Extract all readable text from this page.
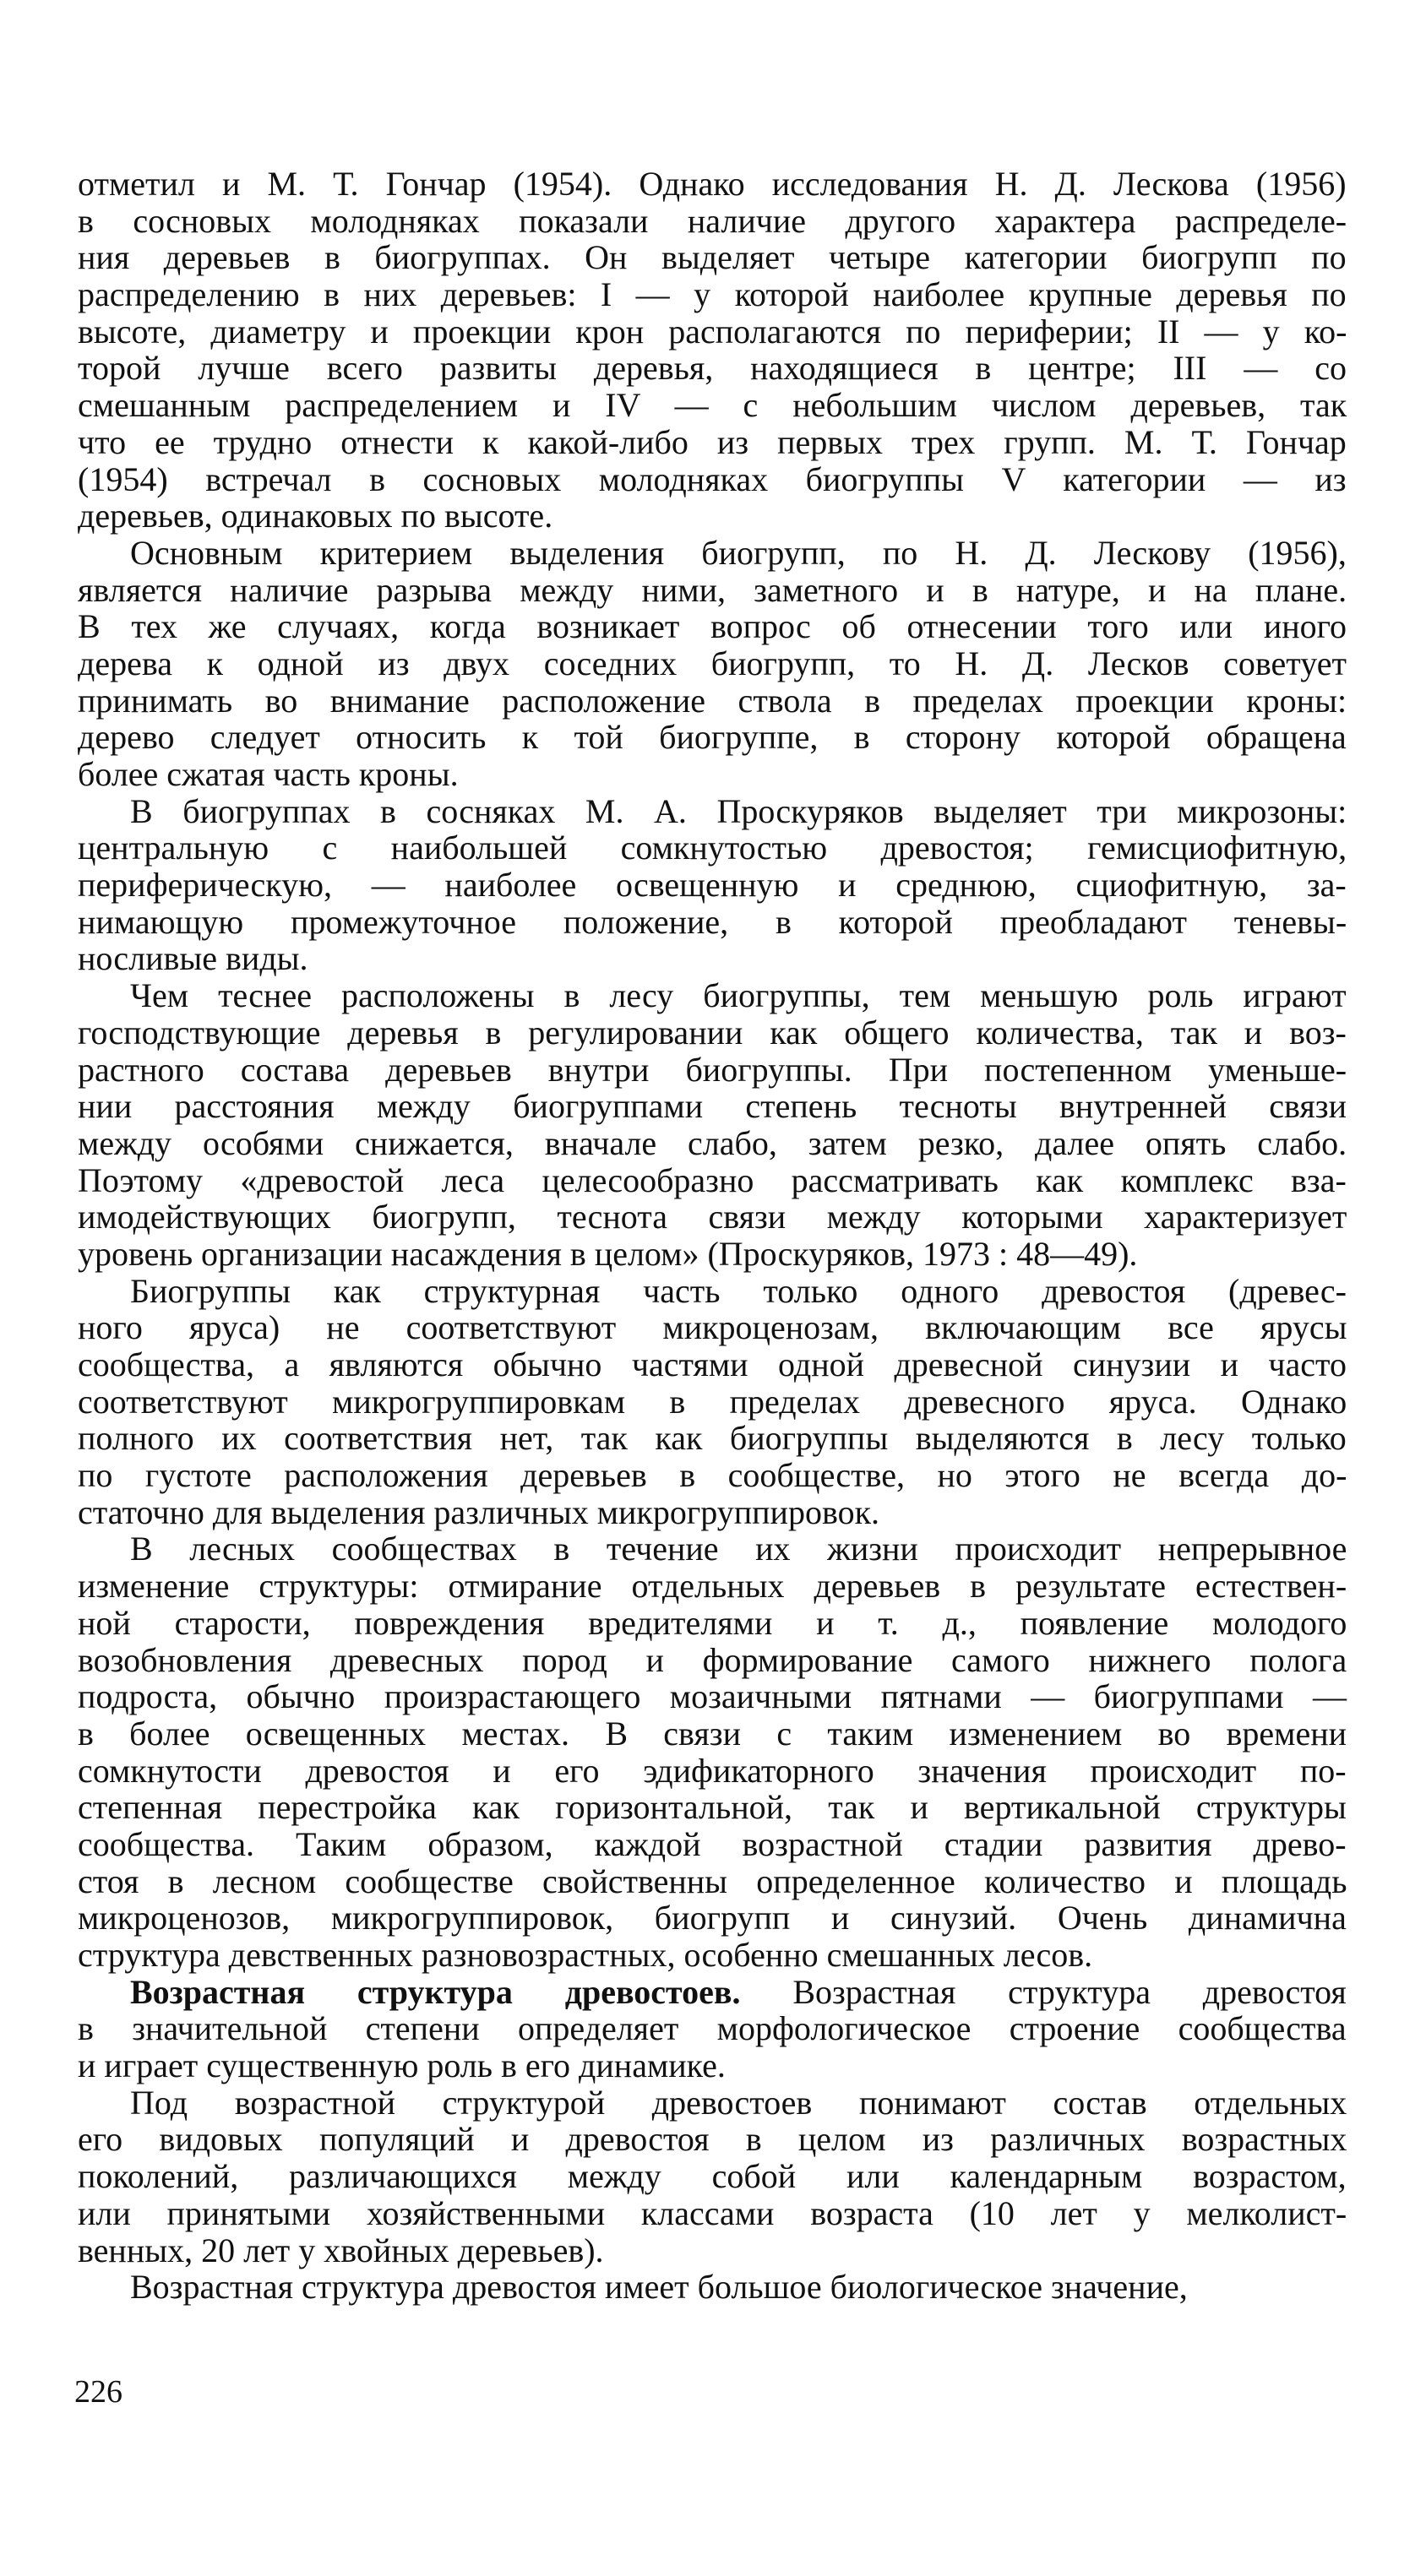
отметил и М. Т. Гончар (1954). Однако исследования Н. Д. Лескова (1956)
в сосновых молодняках показали наличие другого характера распределе-
ния деревьев в биогруппах. Он выделяет четыре категории биогрупп по
распределению в них деревьев: I — у которой наиболее крупные деревья по
высоте, диаметру и проекции крон располагаются по периферии; II — у ко-
торой лучше всего развиты деревья, находящиеся в центре; III — со
смешанным распределением и IV — с небольшим числом деревьев, так
что ее трудно отнести к какой-либо из первых трех групп. М. Т. Гончар
(1954) встречал в сосновых молодняках биогруппы V категории — из
деревьев, одинаковых по высоте.
Основным критерием выделения биогрупп, по Н. Д. Лескову (1956),
является наличие разрыва между ними, заметного и в натуре, и на плане.
В тех же случаях, когда возникает вопрос об отнесении того или иного
дерева к одной из двух соседних биогрупп, то Н. Д. Лесков советует
принимать во внимание расположение ствола в пределах проекции кроны:
дерево следует относить к той биогруппе, в сторону которой обращена
более сжатая часть кроны.
В биогруппах в сосняках М. А. Проскуряков выделяет три микрозоны:
центральную с наибольшей сомкнутостью древостоя; гемисциофитную,
периферическую, — наиболее освещенную и среднюю, сциофитную, за-
нимающую промежуточное положение, в которой преобладают теневы-
носливые виды.
Чем теснее расположены в лесу биогруппы, тем меньшую роль играют
господствующие деревья в регулировании как общего количества, так и воз-
растного состава деревьев внутри биогруппы. При постепенном уменьше-
нии расстояния между биогруппами степень тесноты внутренней связи
между особями снижается, вначале слабо, затем резко, далее опять слабо.
Поэтому «древостой леса целесообразно рассматривать как комплекс вза-
имодействующих биогрупп, теснота связи между которыми характеризует
уровень организации насаждения в целом» (Проскуряков, 1973 : 48—49).
Биогруппы как структурная часть только одного древостоя (древес-
ного яруса) не соответствуют микроценозам, включающим все ярусы
сообщества, а являются обычно частями одной древесной синузии и часто
соответствуют микрогруппировкам в пределах древесного яруса. Однако
полного их соответствия нет, так как биогруппы выделяются в лесу только
по густоте расположения деревьев в сообществе, но этого не всегда до-
статочно для выделения различных микрогруппировок.
В лесных сообществах в течение их жизни происходит непрерывное
изменение структуры: отмирание отдельных деревьев в результате естествен-
ной старости, повреждения вредителями и т. д., появление молодого
возобновления древесных пород и формирование самого нижнего полога
подроста, обычно произрастающего мозаичными пятнами — биогруппами —
в более освещенных местах. В связи с таким изменением во времени
сомкнутости древостоя и его эдификаторного значения происходит по-
степенная перестройка как горизонтальной, так и вертикальной структуры
сообщества. Таким образом, каждой возрастной стадии развития древо-
стоя в лесном сообществе свойственны определенное количество и площадь
микроценозов, микрогруппировок, биогрупп и синузий. Очень динамична
структура девственных разновозрастных, особенно смешанных лесов.
Возрастная структура древостоев. Возрастная структура древостоя
в значительной степени определяет морфологическое строение сообщества
и играет существенную роль в его динамике.
Под возрастной структурой древостоев понимают состав отдельных
его видовых популяций и древостоя в целом из различных возрастных
поколений, различающихся между собой или календарным возрастом,
или принятыми хозяйственными классами возраста (10 лет у мелколист-
венных, 20 лет у хвойных деревьев).
Возрастная структура древостоя имеет большое биологическое значение,
226
